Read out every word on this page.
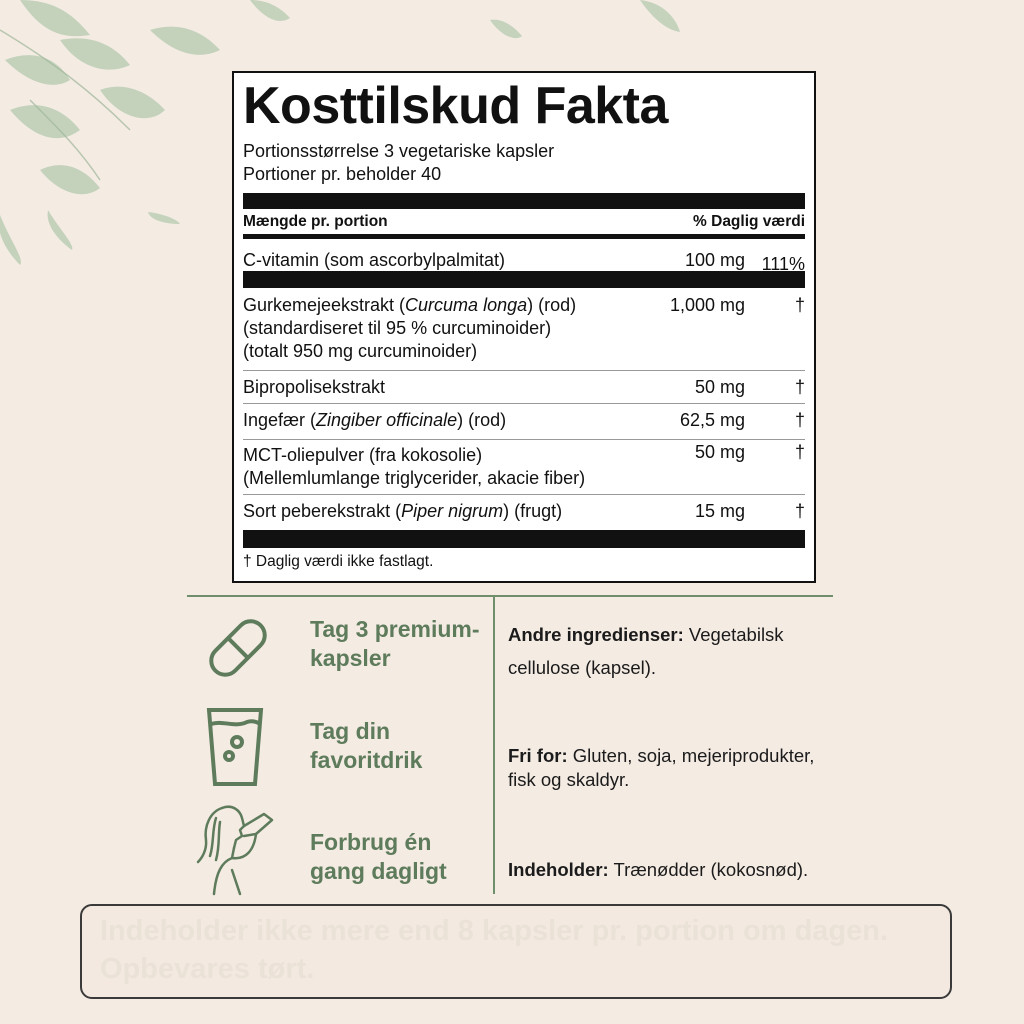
Kosttilskud Fakta
Portionsstørrelse 3 vegetariske kapsler
Portioner pr. beholder 40
Mængde pr. portion	% Daglig værdi
C-vitamin (som ascorbylpalmitat)	100 mg 111%
Gurkemejeekstrakt (Curcuma longa) (rod)
(standardiseret til 95 % curcuminoider)
(totalt 950 mg curcuminoider)
1,000 mg	†
Bipropolisekstrakt	50 mg	†
Ingefær (Zingiber officinale) (rod)	62,5 mg	†
MCT-oliepulver (fra kokosolie)
(Mellemlumlange triglycerider, akacie fiber)
50 mg	†
Sort peberekstrakt (Piper nigrum) (frugt)	15 mg	†
† Daglig værdi ikke fastlagt.
Tag 3 premium-
kapsler
Tag din
favoritdrik
Forbrug én
gang dagligt
Andre ingredienser: Vegetabilsk cellulose (kapsel).
Fri for: Gluten, soja, mejeriprodukter, fisk og skaldyr.
Indeholder: Trænødder (kokosnød).
Indeholder ikke mere end 8 kapsler pr. portion om dagen. Opbevares tørt.
